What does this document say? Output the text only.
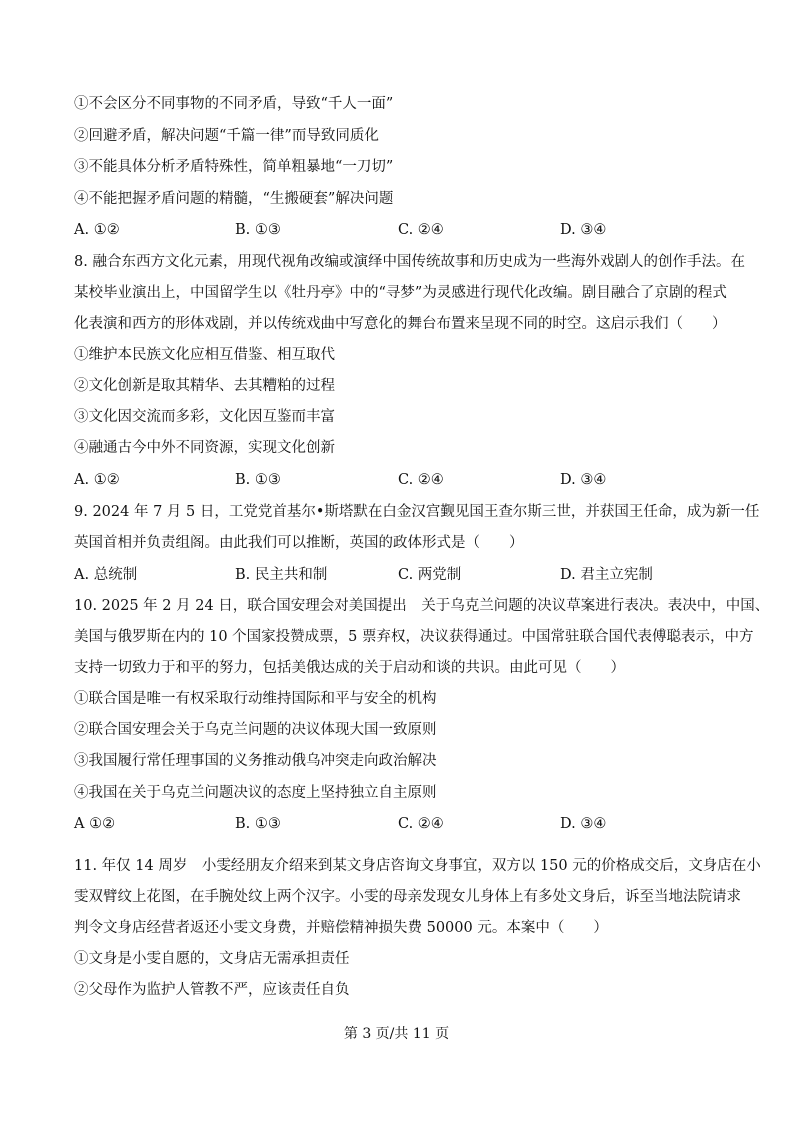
①不会区分不同事物的不同矛盾，导致“千人一面”
②回避矛盾，解决问题“千篇一律”而导致同质化
③不能具体分析矛盾特殊性，简单粗暴地“一刀切”
④不能把握矛盾问题的精髓，“生搬硬套”解决问题
A. ①②	B. ①③	C. ②④	D. ③④
8. 融合东西方文化元素，用现代视角改编或演绎中国传统故事和历史成为一些海外戏剧人的创作手法。在
某校毕业演出上，中国留学生以《牡丹亭》中的“寻梦”为灵感进行现代化改编。剧目融合了京剧的程式
化表演和西方的形体戏剧，并以传统戏曲中写意化的舞台布置来呈现不同的时空。这启示我们（　　）
①维护本民族文化应相互借鉴、相互取代
②文化创新是取其精华、去其糟粕的过程
③文化因交流而多彩，文化因互鉴而丰富
④融通古今中外不同资源，实现文化创新
A. ①②	B. ①③	C. ②④	D. ③④
9. 2024 年 7 月 5 日，工党党首基尔•斯塔默在白金汉宫觐见国王查尔斯三世，并获国王任命，成为新一任
英国首相并负责组阁。由此我们可以推断，英国的政体形式是（　　）
A. 总统制	B. 民主共和制	C. 两党制	D. 君主立宪制
10. 2025 年 2 月 24 日，联合国安理会对美国提出　关于乌克兰问题的决议草案进行表决。表决中，中国、
美国与俄罗斯在内的 10 个国家投赞成票，5 票弃权，决议获得通过。中国常驻联合国代表傅聪表示，中方
支持一切致力于和平的努力，包括美俄达成的关于启动和谈的共识。由此可见（　　）
①联合国是唯一有权采取行动维持国际和平与安全的机构
②联合国安理会关于乌克兰问题的决议体现大国一致原则
③我国履行常任理事国的义务推动俄乌冲突走向政治解决
④我国在关于乌克兰问题决议的态度上坚持独立自主原则
A ①②	B. ①③	C. ②④	D. ③④
11. 年仅 14 周岁　小雯经朋友介绍来到某文身店咨询文身事宜，双方以 150 元的价格成交后，文身店在小
雯双臂纹上花图，在手腕处纹上两个汉字。小雯的母亲发现女儿身体上有多处文身后，诉至当地法院请求
判令文身店经营者返还小雯文身费，并赔偿精神损失费 50000 元。本案中（　　）
①文身是小雯自愿的，文身店无需承担责任
②父母作为监护人管教不严，应该责任自负
第 3 页/共 11 页
